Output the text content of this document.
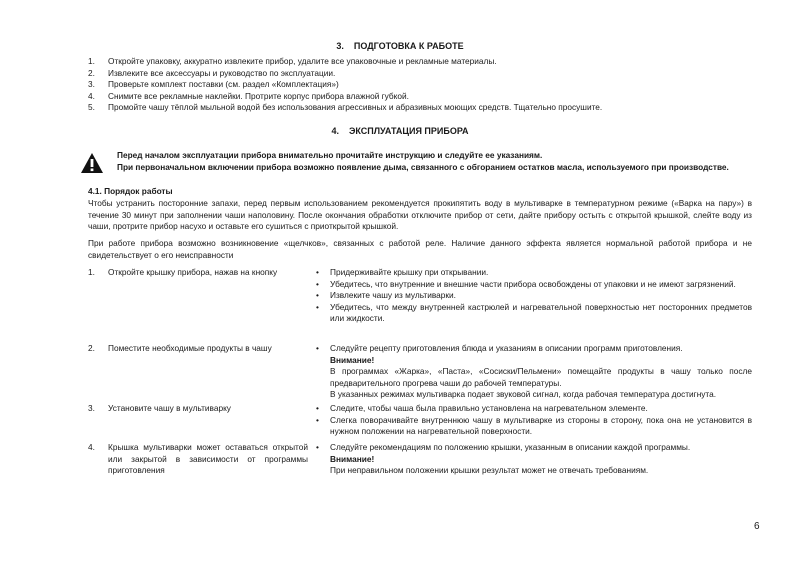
3. ПОДГОТОВКА К РАБОТЕ
1. Откройте упаковку, аккуратно извлеките прибор, удалите все упаковочные и рекламные материалы.
2. Извлеките все аксессуары и руководство по эксплуатации.
3. Проверьте комплект поставки (см. раздел «Комплектация»)
4. Снимите все рекламные наклейки. Протрите корпус прибора влажной губкой.
5. Промойте чашу тёплой мыльной водой без использования агрессивных и абразивных моющих средств. Тщательно просушите.
4. ЭКСПЛУАТАЦИЯ ПРИБОРА
Перед началом эксплуатации прибора внимательно прочитайте инструкцию и следуйте ее указаниям.
При первоначальном включении прибора возможно появление дыма, связанного с обгоранием остатков масла, используемого при производстве.
4.1. Порядок работы
Чтобы устранить посторонние запахи, перед первым использованием рекомендуется прокипятить воду в мультиварке в температурном режиме («Варка на пару») в течение 30 минут при заполнении чаши наполовину. После окончания обработки отключите прибор от сети, дайте прибору остыть с открытой крышкой, слейте воду из чаши, протрите прибор насухо и оставьте его сушиться с приоткрытой крышкой.
При работе прибора возможно возникновение «щелчков», связанных с работой реле. Наличие данного эффекта является нормальной работой прибора и не свидетельствует о его неисправности
1.	Откройте крышку прибора, нажав на кнопку	• Придерживайте крышку при открывании.
• Убедитесь, что внутренние и внешние части прибора освобождены от упаковки и не имеют загрязнений.
• Извлеките чашу из мультиварки.
• Убедитесь, что между внутренней кастрюлей и нагревательной поверхностью нет посторонних предметов или жидкости.
2.	Поместите необходимые продукты в чашу	• Следуйте рецепту приготовления блюда и указаниям в описании программ приготовления.
Внимание!
В программах «Жарка», «Паста», «Сосиски/Пельмени» помещайте продукты в чашу только после предварительного прогрева чаши до рабочей температуры.
В указанных режимах мультиварка подает звуковой сигнал, когда рабочая температура достигнута.
3.	Установите чашу в мультиварку	• Следите, чтобы чаша была правильно установлена на нагревательном элементе.
• Слегка поворачивайте внутреннюю чашу в мультиварке из стороны в сторону, пока она не установится в нужном положении на нагревательной поверхности.
4.	Крышка мультиварки может оставаться открытой или закрытой в зависимости от программы приготовления
• Следуйте рекомендациям по положению крышки, указанным в описании каждой программы.
Внимание!
При неправильном положении крышки результат может не отвечать требованиям.
6
